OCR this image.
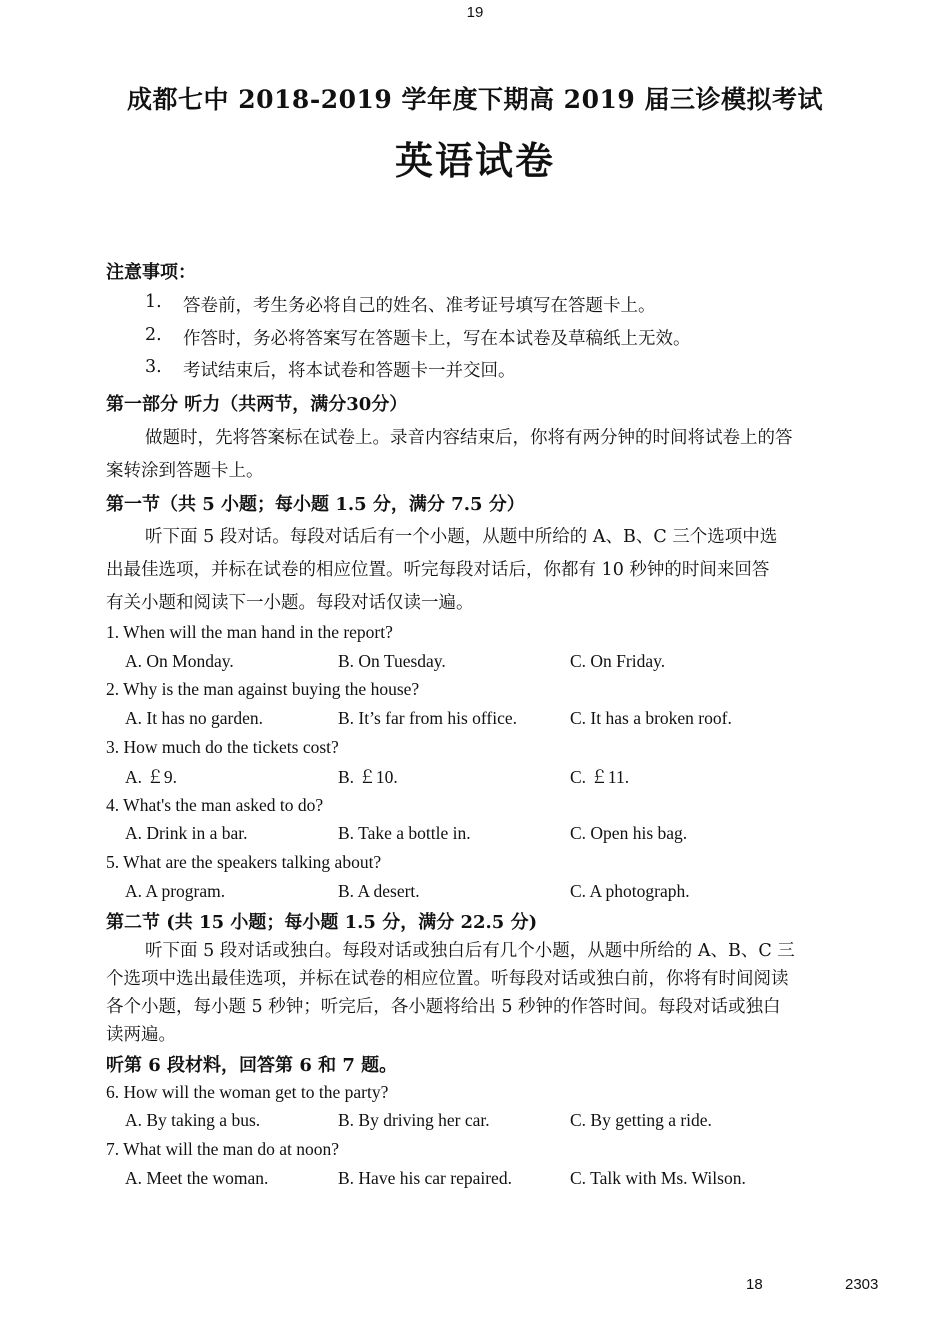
19
成都七中 2018-2019 学年度下期高 2019 届三诊模拟考试
英语试卷
注意事项：
1. 答卷前，考生务必将自己的姓名、准考证号填写在答题卡上。
2. 作答时，务必将答案写在答题卡上，写在本试卷及草稿纸上无效。
3. 考试结束后，将本试卷和答题卡一并交回。
第一部分 听力（共两节，满分30分）
做题时，先将答案标在试卷上。录音内容结束后，你将有两分钟的时间将试卷上的答
案转涂到答题卡上。
第一节（共 5 小题；每小题 1.5 分，满分 7.5 分）
听下面 5 段对话。每段对话后有一个小题，从题中所给的 A、B、C 三个选项中选
出最佳选项，并标在试卷的相应位置。听完每段对话后，你都有 10 秒钟的时间来回答
有关小题和阅读下一小题。每段对话仅读一遍。
1. When will the man hand in the report?
A. On Monday.	B. On Tuesday.	C. On Friday.
2. Why is the man against buying the house?
A. It has no garden.	B. It’s far from his office.	C. It has a broken roof.
3. How much do the tickets cost?
A. ￡9.	B. ￡10.	C. ￡11.
4. What's the man asked to do?
A. Drink in a bar.	B. Take a bottle in.	C. Open his bag.
5. What are the speakers talking about?
A. A program.	B. A desert.	C. A photograph.
第二节 (共 15 小题；每小题 1.5 分，满分 22.5 分)
听下面 5 段对话或独白。每段对话或独白后有几个小题，从题中所给的 A、B、C 三
个选项中选出最佳选项，并标在试卷的相应位置。听每段对话或独白前，你将有时间阅读
各个小题，每小题 5 秒钟；听完后，各小题将给出 5 秒钟的作答时间。每段对话或独白
读两遍。
听第 6 段材料，回答第 6 和 7 题。
6. How will the woman get to the party?
A. By taking a bus.	B. By driving her car.	C. By getting a ride.
7. What will the man do at noon?
A. Meet the woman.	B. Have his car repaired.	C. Talk with Ms. Wilson.
18	2303
